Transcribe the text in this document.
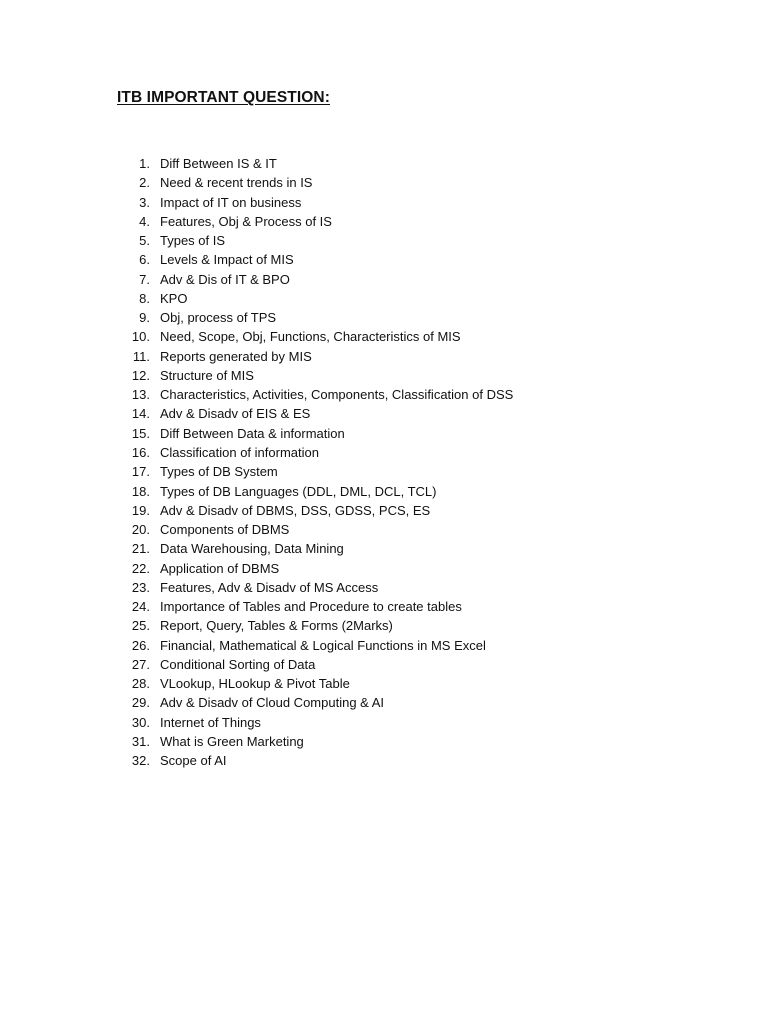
ITB IMPORTANT QUESTION:
1. Diff Between IS & IT
2. Need & recent trends in IS
3. Impact of IT on business
4. Features, Obj & Process of IS
5. Types of IS
6. Levels & Impact of MIS
7. Adv & Dis of IT & BPO
8. KPO
9. Obj, process of TPS
10. Need, Scope, Obj, Functions, Characteristics of MIS
11. Reports generated by MIS
12. Structure of MIS
13. Characteristics, Activities, Components, Classification of DSS
14. Adv & Disadv of EIS & ES
15. Diff Between Data & information
16. Classification of information
17. Types of DB System
18. Types of DB Languages (DDL, DML, DCL, TCL)
19. Adv & Disadv of DBMS, DSS, GDSS, PCS, ES
20. Components of DBMS
21. Data Warehousing, Data Mining
22. Application of DBMS
23. Features, Adv & Disadv of MS Access
24. Importance of Tables and Procedure to create tables
25. Report, Query, Tables & Forms (2Marks)
26. Financial, Mathematical & Logical Functions in MS Excel
27. Conditional Sorting of Data
28. VLookup, HLookup & Pivot Table
29. Adv & Disadv of Cloud Computing & AI
30. Internet of Things
31. What is Green Marketing
32. Scope of AI
